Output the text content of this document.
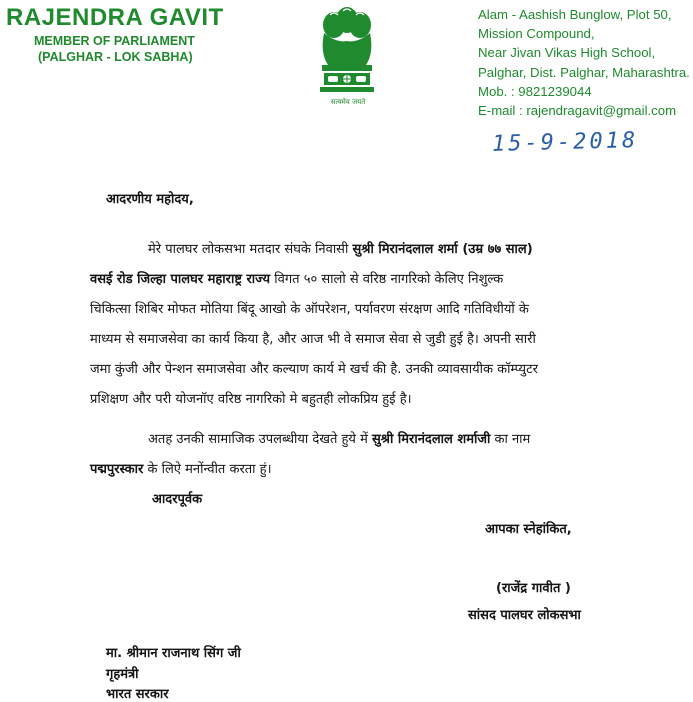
RAJENDRA GAVIT
MEMBER OF PARLIAMENT
(PALGHAR - LOK SABHA)
सत्यमेव जयते
Alam - Aashish Bunglow, Plot 50,
Mission Compound,
Near Jivan Vikas High School,
Palghar, Dist. Palghar, Maharashtra.
Mob. : 9821239044
E-mail : rajendragavit@gmail.com
15-9-2018
आदरणीय महोदय,
मेरे पालघर लोकसभा मतदार संघके निवासी सुश्री मिरानंदलाल शर्मा (उम्र ७७ साल)
वसई रोड जिल्हा पालघर महाराष्ट्र राज्य विगत ५० सालो से वरिष्ठ नागरिको केलिए निशुल्क
चिकित्सा शिबिर मोफत मोतिया बिंदू आखो के ऑपरेशन, पर्यावरण संरक्षण आदि गतिविधीयों के
माध्यम से समाजसेवा का कार्य किया है, और आज भी वे समाज सेवा से जुडी हुई है। अपनी सारी
जमा कुंजी और पेन्शन समाजसेवा और कल्याण कार्य मे खर्च की है. उनकी व्यावसायीक कॉम्प्युटर
प्रशिक्षण और परी योजनॉए वरिष्ठ नागरिको मे बहुतही लोकप्रिय हुई है।
अतह उनकी सामाजिक उपलब्धीया देखते हुये में सुश्री मिरानंदलाल शर्माजी का नाम
पद्मपुरस्कार के लिऐ मनोंन्वीत करता हुं।
आदरपूर्वक
आपका स्नेहांकित,
(राजेंद्र गावीत )
सांसद पालघर लोकसभा
मा. श्रीमान राजनाथ सिंग जी
गृहमंत्री
भारत सरकार
